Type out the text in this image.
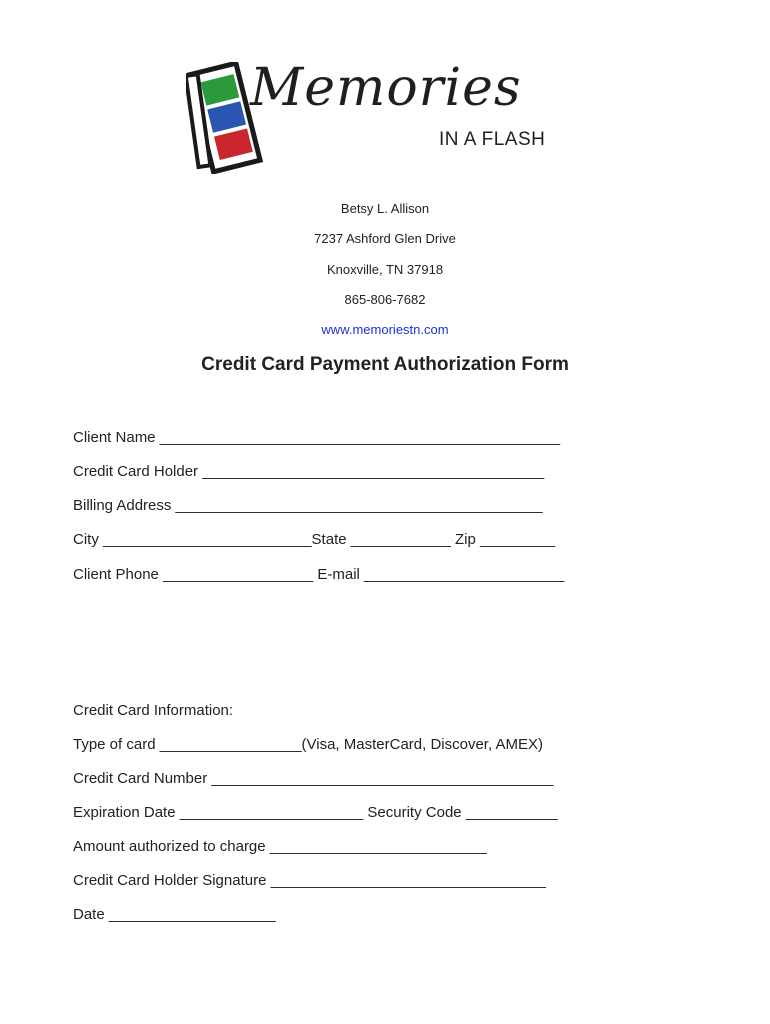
Memories
IN A FLASH
Betsy L. Allison
7237 Ashford Glen Drive
Knoxville, TN 37918
865-806-7682
www.memoriestn.com
Credit Card Payment Authorization Form
Client Name ________________________________________________
Credit Card Holder _________________________________________
Billing Address ____________________________________________
City _________________________State ____________ Zip _________
Client Phone __________________ E-mail ________________________
Credit Card Information:
Type of card _________________(Visa, MasterCard, Discover, AMEX)
Credit Card Number _________________________________________
Expiration Date ______________________ Security Code ___________
Amount authorized to charge __________________________
Credit Card Holder Signature _________________________________
Date ____________________
